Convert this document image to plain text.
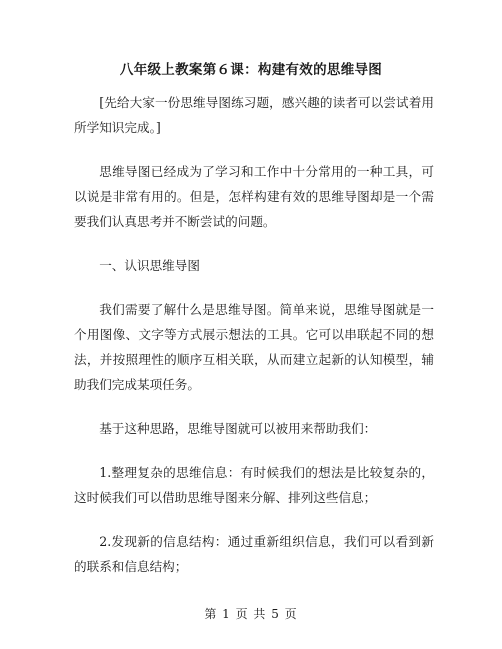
八年级上教案第６课：构建有效的思维导图

[先给大家一份思维导图练习题，感兴趣的读者可以尝试着用所学知识完成。]

思维导图已经成为了学习和工作中十分常用的一种工具，可以说是非常有用的。但是，怎样构建有效的思维导图却是一个需要我们认真思考并不断尝试的问题。

一、认识思维导图

我们需要了解什么是思维导图。简单来说，思维导图就是一个用图像、文字等方式展示想法的工具。它可以串联起不同的想法，并按照理性的顺序互相关联，从而建立起新的认知模型，辅助我们完成某项任务。

基于这种思路，思维导图就可以被用来帮助我们：

1.整理复杂的思维信息：有时候我们的想法是比较复杂的，这时候我们可以借助思维导图来分解、排列这些信息；

2.发现新的信息结构：通过重新组织信息，我们可以看到新的联系和信息结构；

第 1 页 共 5 页
